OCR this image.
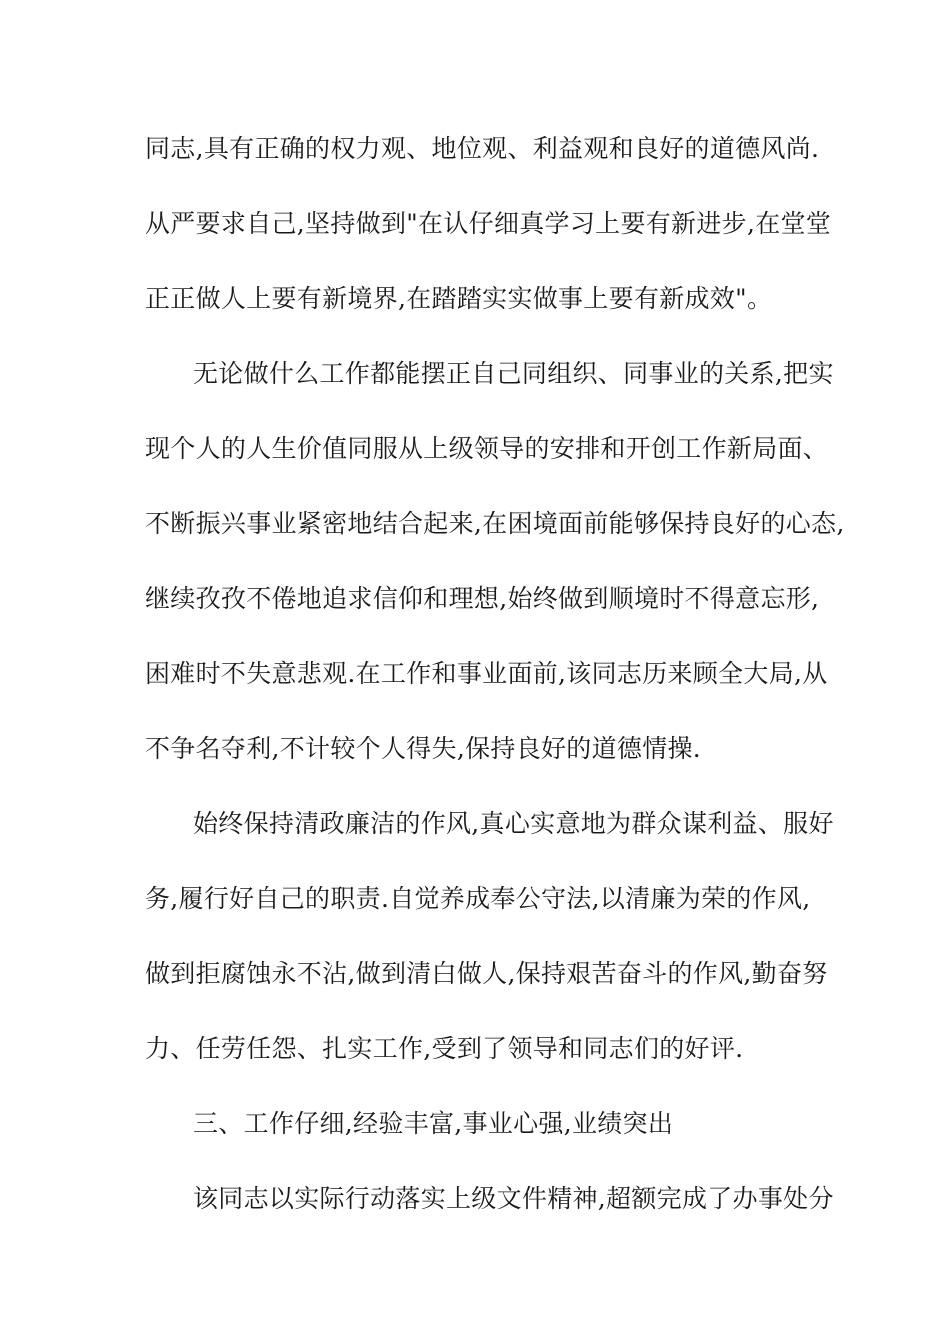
同志,具有正确的权力观、地位观、利益观和良好的道德风尚.
从严要求自己,坚持做到"在认仔细真学习上要有新进步,在堂堂
正正做人上要有新境界,在踏踏实实做事上要有新成效"。
无论做什么工作都能摆正自己同组织、同事业的关系,把实
现个人的人生价值同服从上级领导的安排和开创工作新局面、
不断振兴事业紧密地结合起来,在困境面前能够保持良好的心态,
继续孜孜不倦地追求信仰和理想,始终做到顺境时不得意忘形,
困难时不失意悲观.在工作和事业面前,该同志历来顾全大局,从
不争名夺利,不计较个人得失,保持良好的道德情操.
始终保持清政廉洁的作风,真心实意地为群众谋利益、服好
务,履行好自己的职责.自觉养成奉公守法,以清廉为荣的作风,
做到拒腐蚀永不沾,做到清白做人,保持艰苦奋斗的作风,勤奋努
力、任劳任怨、扎实工作,受到了领导和同志们的好评.
三、工作仔细,经验丰富,事业心强,业绩突出
该同志以实际行动落实上级文件精神,超额完成了办事处分
